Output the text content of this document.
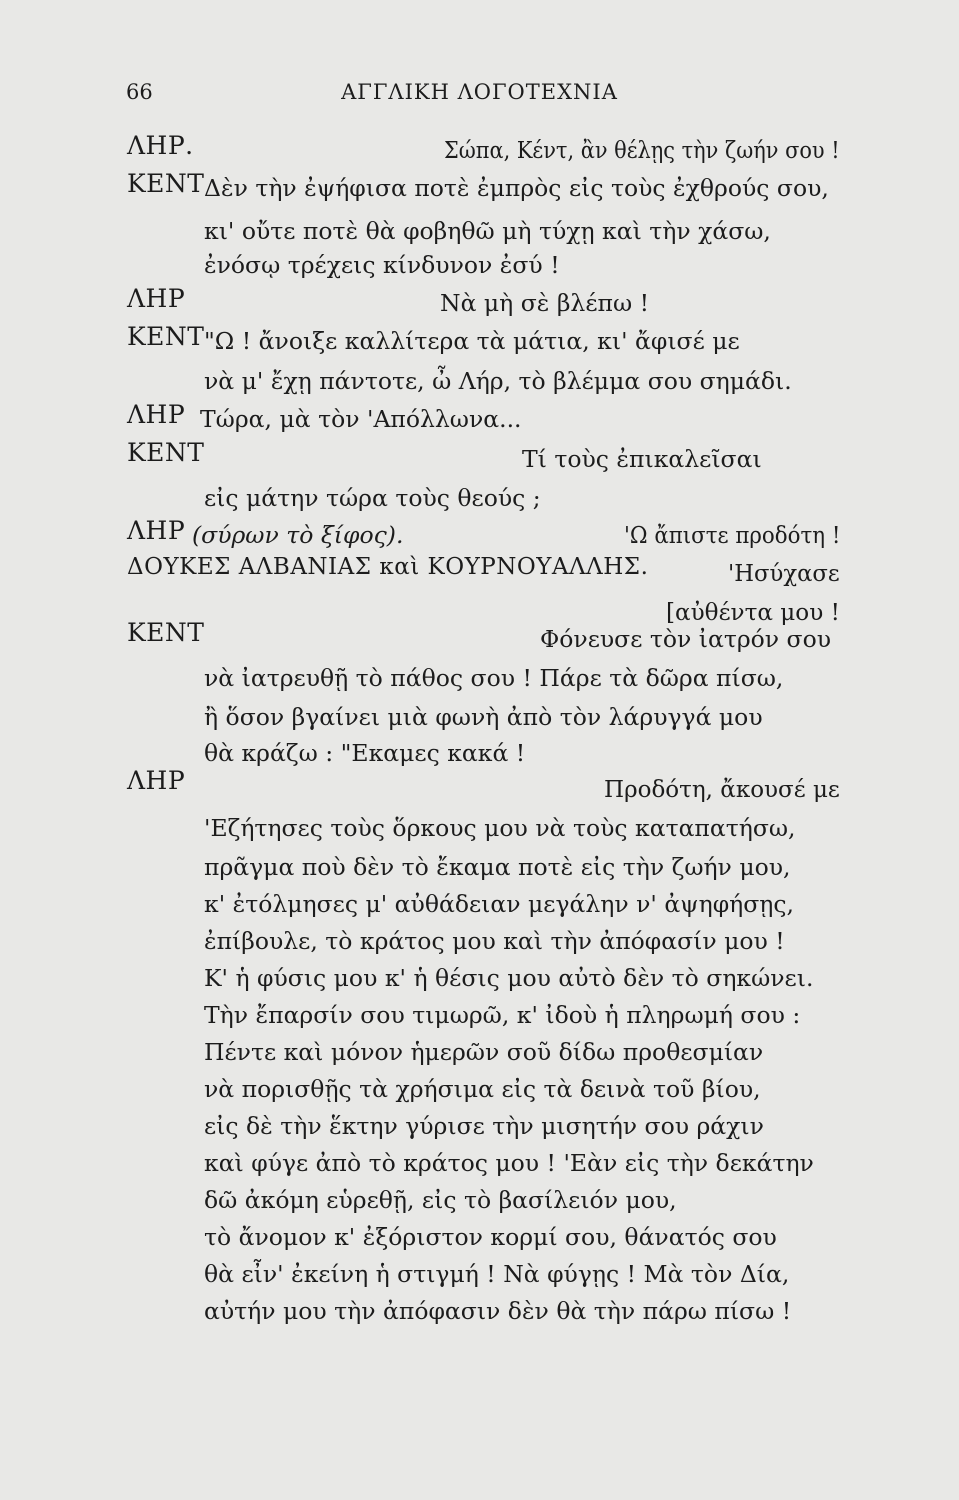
66	ΑΓΓΛΙΚΗ ΛΟΓΟΤΕΧΝΙΑ
ΛΗΡ.	Σώπα, Κέντ, ἂν θέλῃς τὴν ζωήν σου !
ΚΕΝΤ Δὲν τὴν ἐψήφισα ποτὲ ἐμπρὸς εἰς τοὺς ἐχθρούς σου,
κι' οὔτε ποτὲ θὰ φοβηθῶ μὴ τύχῃ καὶ τὴν χάσω,
ἐνόσῳ τρέχεις κίνδυνον ἐσύ !
ΛΗΡ	Νὰ μὴ σὲ βλέπω !
ΚΕΝΤ "Ω ! ἄνοιξε καλλίτερα τὰ μάτια, κι' ἄφισέ με
νὰ μ' ἔχῃ πάντοτε, ὦ Λήρ, τὸ βλέμμα σου σημάδι.
ΛΗΡ Τώρα, μὰ τὸν 'Απόλλωνα...
ΚΕΝΤ	Τί τοὺς ἐπικαλεῖσαι
εἰς μάτην τώρα τοὺς θεούς ;
ΛΗΡ (σύρων τὸ ξίφος).	'Ω ἄπιστε προδότη !
ΔΟΥΚΕΣ ΑΛΒΑΝΙΑΣ καὶ ΚΟΥΡΝΟΥΑΛΛΗΣ.	'Ησύχασε
[αὐθέντα μου !
ΚΕΝΤ	Φόνευσε τὸν ἰατρόν σου
νὰ ἰατρευθῇ τὸ πάθος σου ! Πάρε τὰ δῶρα πίσω,
ἢ ὅσον βγαίνει μιὰ φωνὴ ἀπὸ τὸν λάρυγγά μου
θὰ κράζω : "Εκαμες κακά !
ΛΗΡ	Προδότη, ἄκουσέ με
'Εζήτησες τοὺς ὅρκους μου νὰ τοὺς καταπατήσω,
πρᾶγμα ποὺ δὲν τὸ ἔκαμα ποτὲ εἰς τὴν ζωήν μου,
κ' ἐτόλμησες μ' αὐθάδειαν μεγάλην ν' ἀψηφήσῃς,
ἐπίβουλε, τὸ κράτος μου καὶ τὴν ἀπόφασίν μου !
Κ' ἡ φύσις μου κ' ἡ θέσις μου αὐτὸ δὲν τὸ σηκώνει.
Τὴν ἔπαρσίν σου τιμωρῶ, κ' ἰδοὺ ἡ πληρωμή σου :
Πέντε καὶ μόνον ἡμερῶν σοῦ δίδω προθεσμίαν
νὰ πορισθῇς τὰ χρήσιμα εἰς τὰ δεινὰ τοῦ βίου,
εἰς δὲ τὴν ἕκτην γύρισε τὴν μισητήν σου ράχιν
καὶ φύγε ἀπὸ τὸ κράτος μου ! 'Εὰν εἰς τὴν δεκάτην
δῶ ἀκόμη εὑρεθῇ, εἰς τὸ βασίλειόν μου,
τὸ ἄνομον κ' ἐξόριστον κορμί σου, θάνατός σου
θὰ εἶν' ἐκείνη ἡ στιγμή ! Νὰ φύγῃς ! Μὰ τὸν Δία,
αὐτήν μου τὴν ἀπόφασιν δὲν θὰ τὴν πάρω πίσω !
